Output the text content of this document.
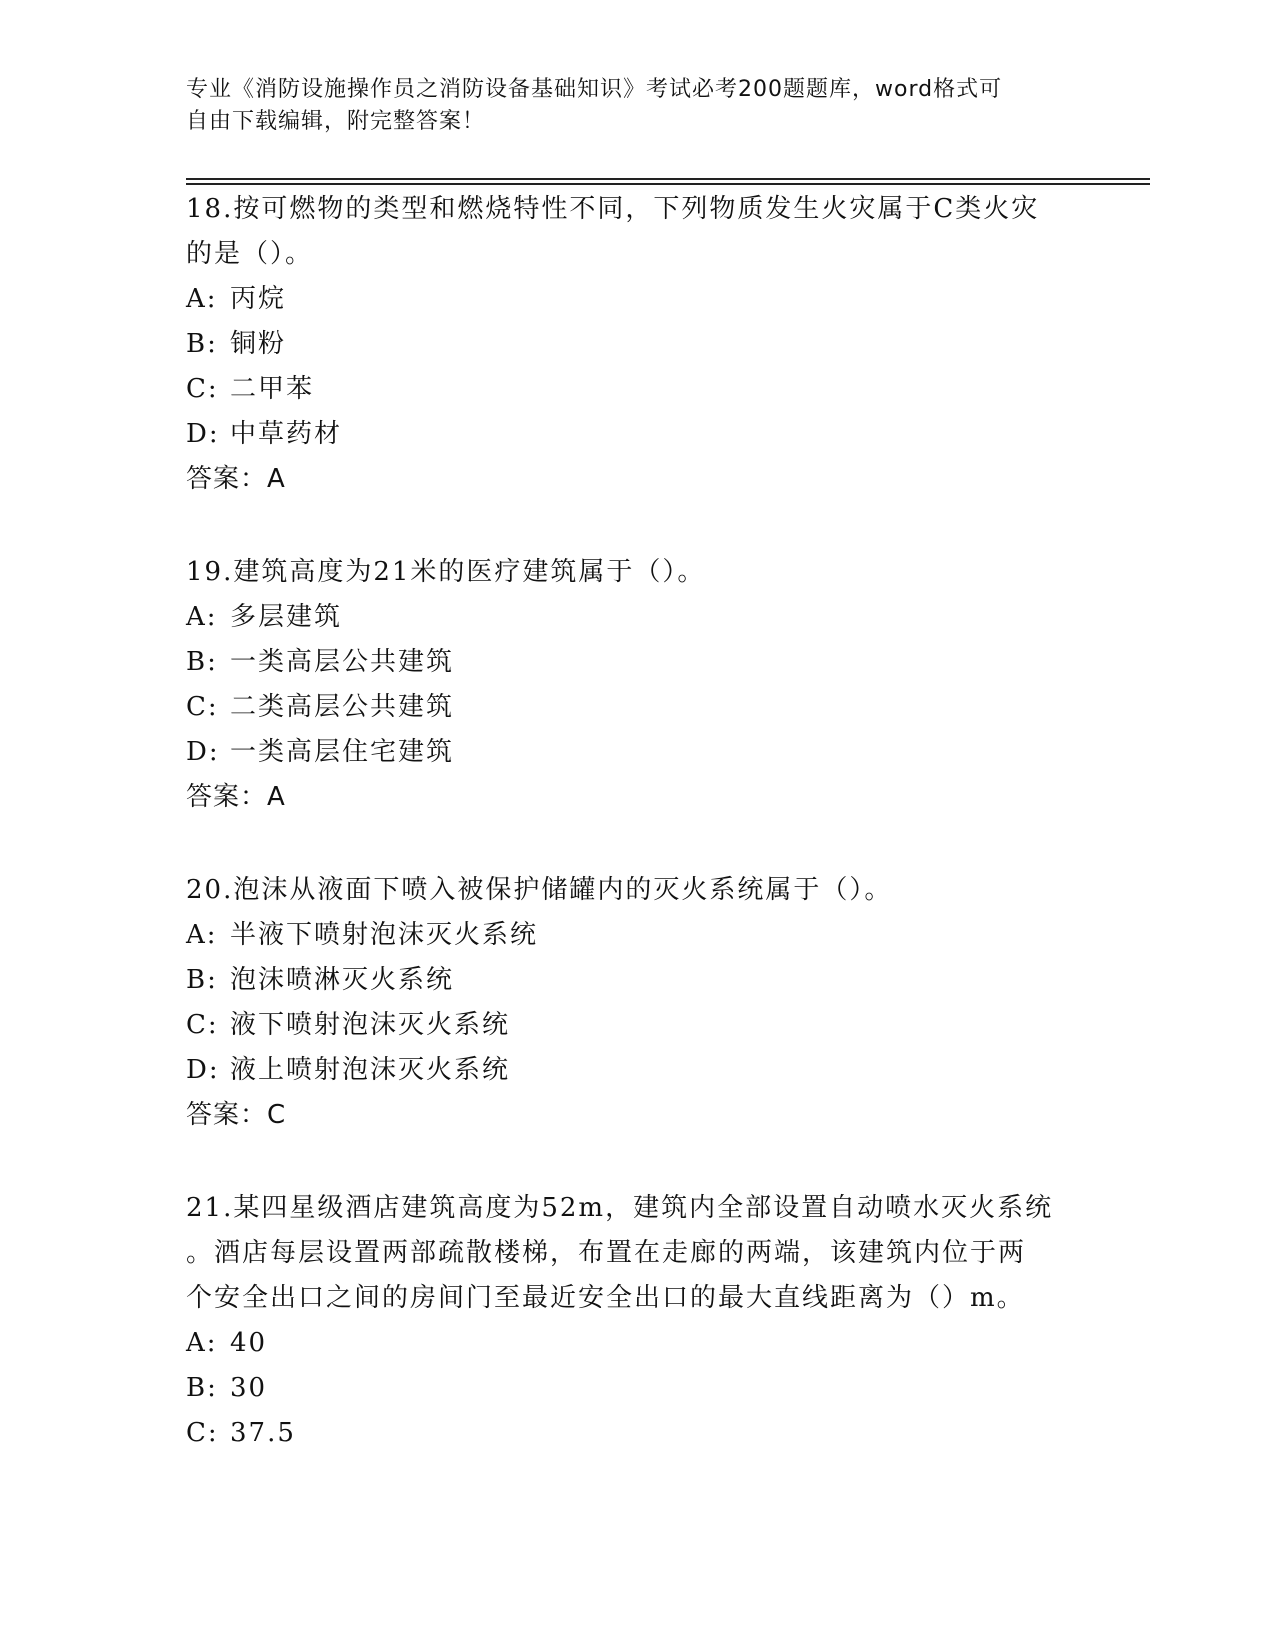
专业《消防设施操作员之消防设备基础知识》考试必考200题题库，word格式可
自由下载编辑，附完整答案！
18.按可燃物的类型和燃烧特性不同，下列物质发生火灾属于C类火灾
的是（）。
A: 丙烷
B: 铜粉
C: 二甲苯
D: 中草药材
答案：A
19.建筑高度为21米的医疗建筑属于（）。
A: 多层建筑
B: 一类高层公共建筑
C: 二类高层公共建筑
D: 一类高层住宅建筑
答案：A
20.泡沫从液面下喷入被保护储罐内的灭火系统属于（）。
A: 半液下喷射泡沫灭火系统
B: 泡沫喷淋灭火系统
C: 液下喷射泡沫灭火系统
D: 液上喷射泡沫灭火系统
答案：C
21.某四星级酒店建筑高度为52m，建筑内全部设置自动喷水灭火系统
。酒店每层设置两部疏散楼梯，布置在走廊的两端，该建筑内位于两
个安全出口之间的房间门至最近安全出口的最大直线距离为（）m。
A: 40
B: 30
C: 37.5
